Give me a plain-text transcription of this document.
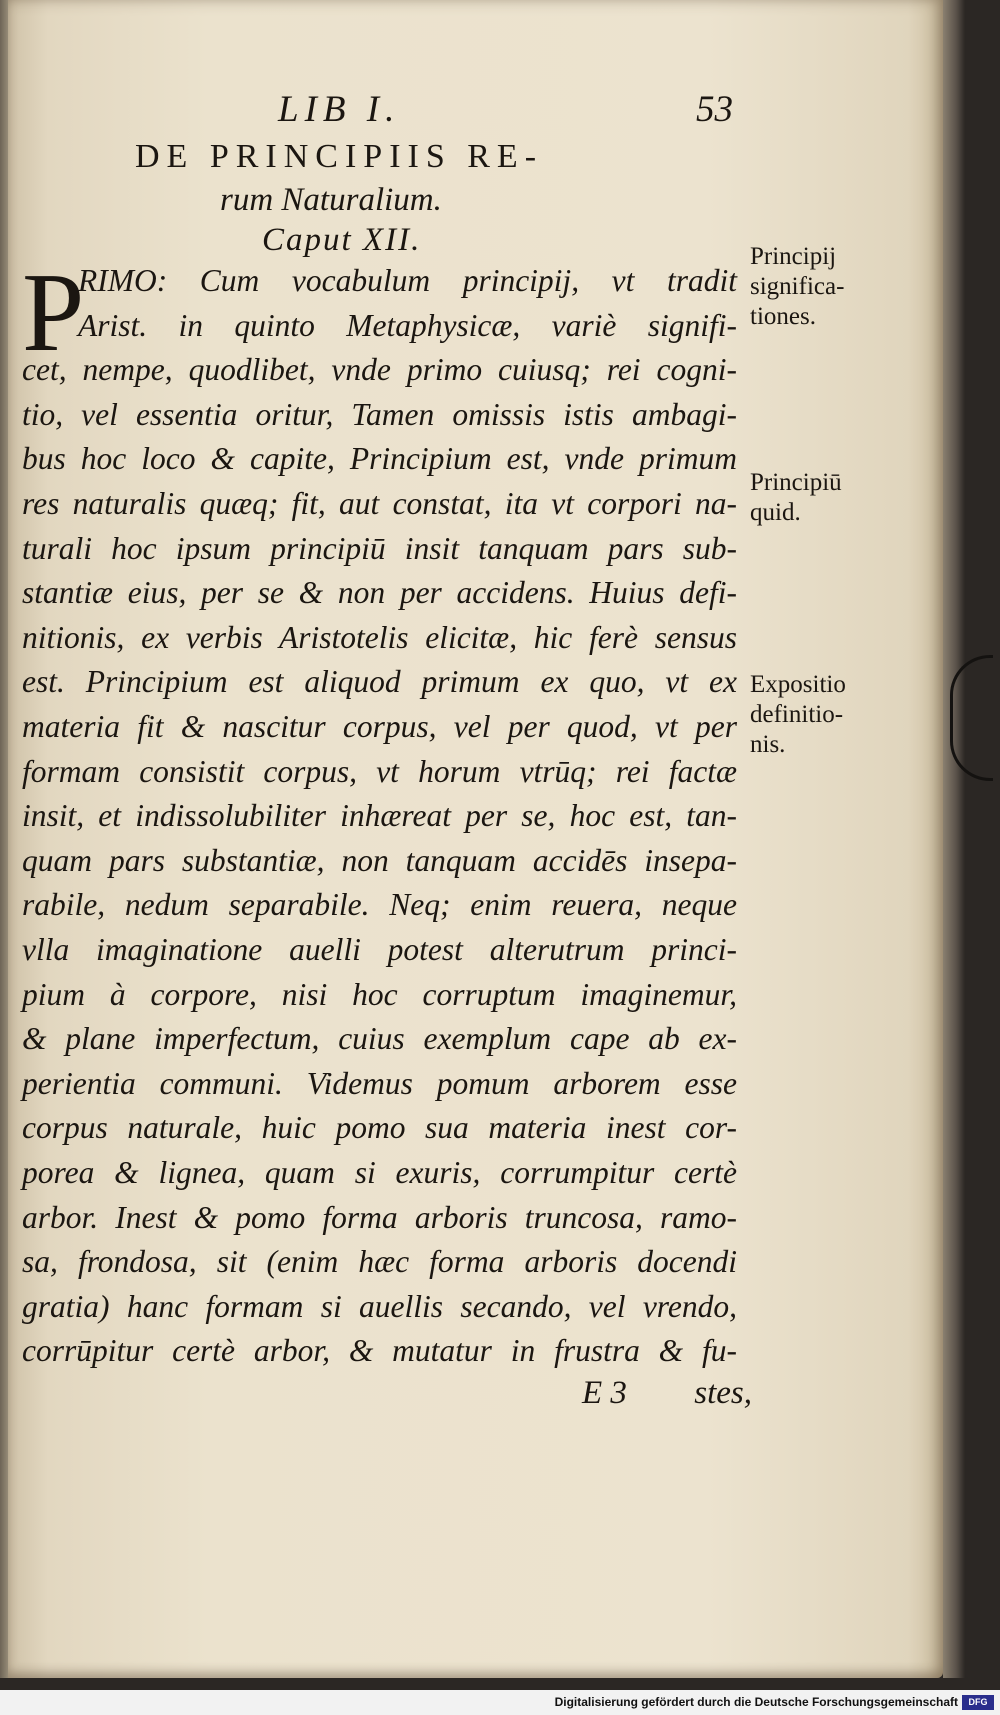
LIB I.	53
DE PRINCIPIIS RE-
rum Naturalium.
Caput XII.
P
RIMO: Cum vocabulum principij, vt tradit
Arist. in quinto Metaphysicæ, variè signifi-
cet, nempe, quodlibet, vnde primo cuiusq; rei cogni-
tio, vel essentia oritur, Tamen omissis istis ambagi-
bus hoc loco & capite, Principium est, vnde primum
res naturalis quæq; fit, aut constat, ita vt corpori na-
turali hoc ipsum principiū insit tanquam pars sub-
stantiæ eius, per se & non per accidens. Huius defi-
nitionis, ex verbis Aristotelis elicitæ, hic ferè sensus
est. Principium est aliquod primum ex quo, vt ex
materia fit & nascitur corpus, vel per quod, vt per
formam consistit corpus, vt horum vtrūq; rei factæ
insit, et indissolubiliter inhæreat per se, hoc est, tan-
quam pars substantiæ, non tanquam accidēs insepa-
rabile, nedum separabile. Neq; enim reuera, neque
vlla imaginatione auelli potest alterutrum princi-
pium à corpore, nisi hoc corruptum imaginemur,
& plane imperfectum, cuius exemplum cape ab ex-
perientia communi. Videmus pomum arborem esse
corpus naturale, huic pomo sua materia inest cor-
porea & lignea, quam si exuris, corrumpitur certè
arbor. Inest & pomo forma arboris truncosa, ramo-
sa, frondosa, sit (enim hæc forma arboris docendi
gratia) hanc formam si auellis secando, vel vrendo,
corrūpitur certè arbor, & mutatur in frustra & fu-
Principij
significa-
tiones.
Principiū
quid.
Expositio
definitio-
nis.
E 3 stes,
Digitalisierung gefördert durch die Deutsche Forschungsgemeinschaft	DFG
